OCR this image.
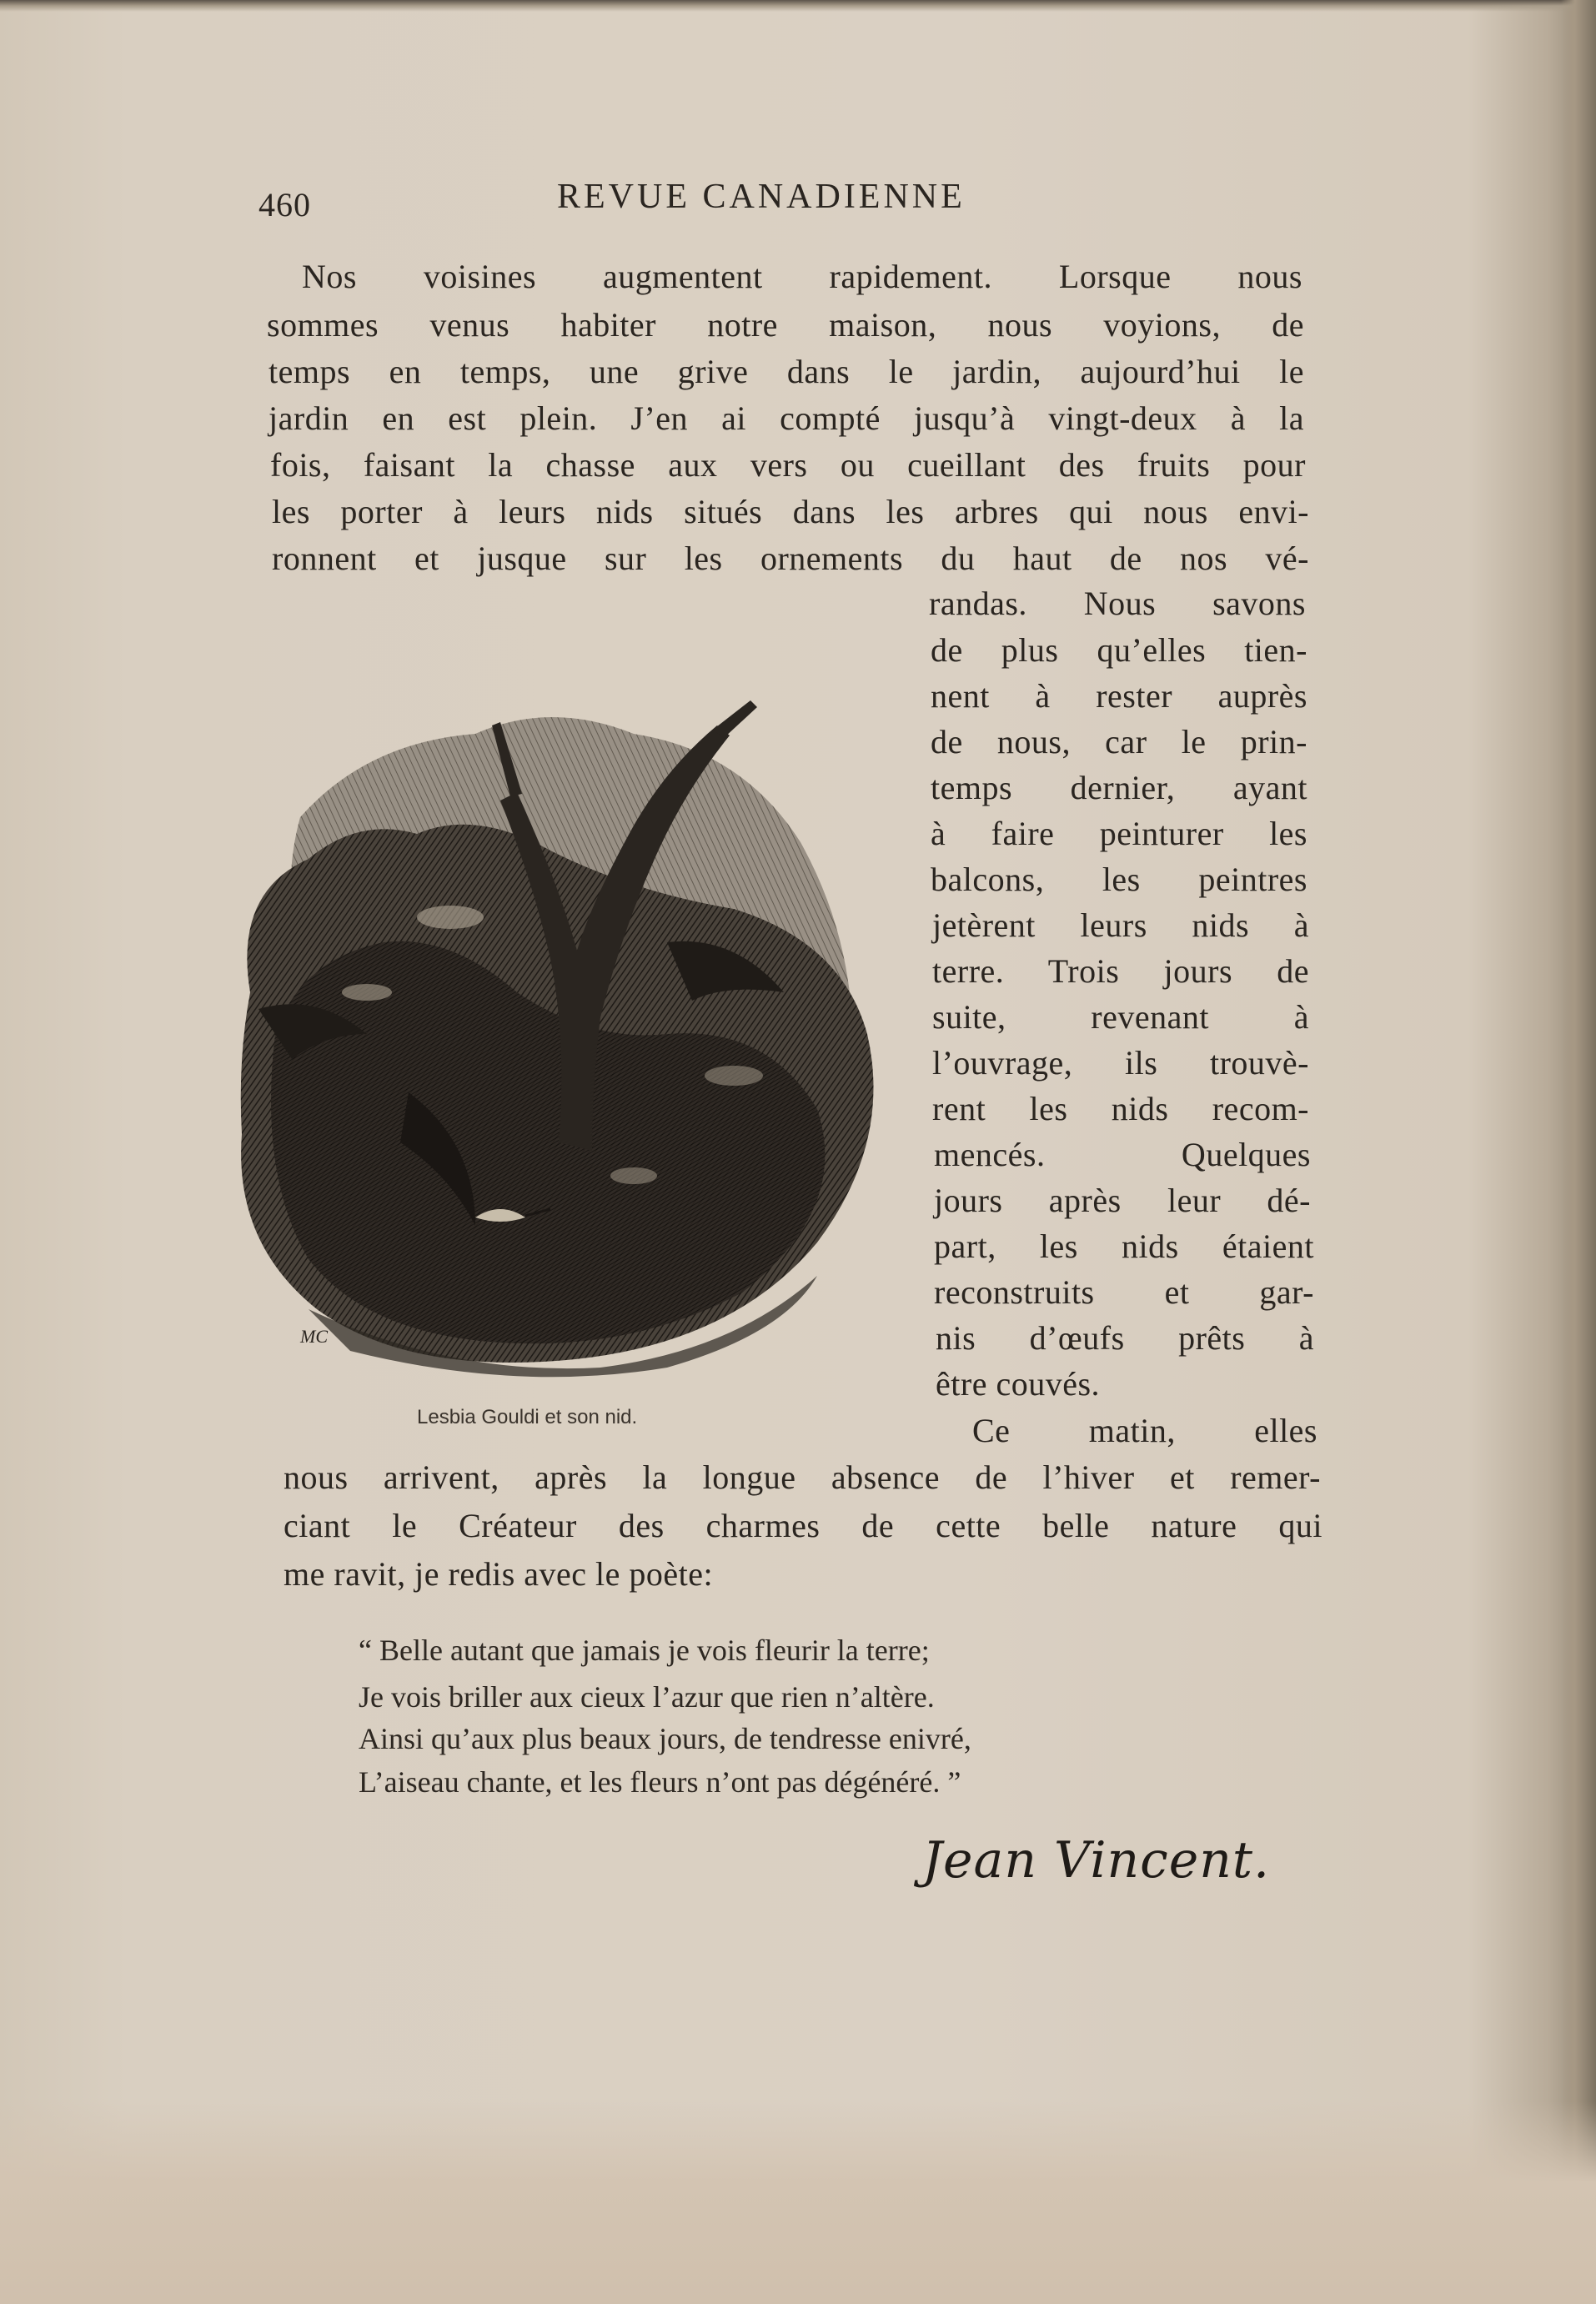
460	REVUE CANADIENNE
Nos voisines augmentent rapidement. Lorsque nous
sommes venus habiter notre maison, nous voyions, de
temps en temps, une grive dans le jardin, aujourd’hui le
jardin en est plein. J’en ai compté jusqu’à vingt-deux à la
fois, faisant la chasse aux vers ou cueillant des fruits pour
les porter à leurs nids situés dans les arbres qui nous envi-
ronnent et jusque sur les ornements du haut de nos vé-
randas. Nous savons
de plus qu’elles tien-
nent à rester auprès
de nous, car le prin-
temps dernier, ayant
à faire peinturer les
balcons, les peintres
jetèrent leurs nids à
terre. Trois jours de
suite, revenant à
l’ouvrage, ils trouvè-
rent les nids recom-
mencés. Quelques
jours après leur dé-
part, les nids étaient
reconstruits et gar-
nis d’œufs prêts à
être couvés.
Ce matin, elles
nous arrivent, après la longue absence de l’hiver et remer-
ciant le Créateur des charmes de cette belle nature qui
me ravit, je redis avec le poète:
MC
Lesbia Gouldi et son nid.
“ Belle autant que jamais je vois fleurir la terre;
Je vois briller aux cieux l’azur que rien n’altère.
Ainsi qu’aux plus beaux jours, de tendresse enivré,
L’aiseau chante, et les fleurs n’ont pas dégénéré. ”
Jean Vincent.
